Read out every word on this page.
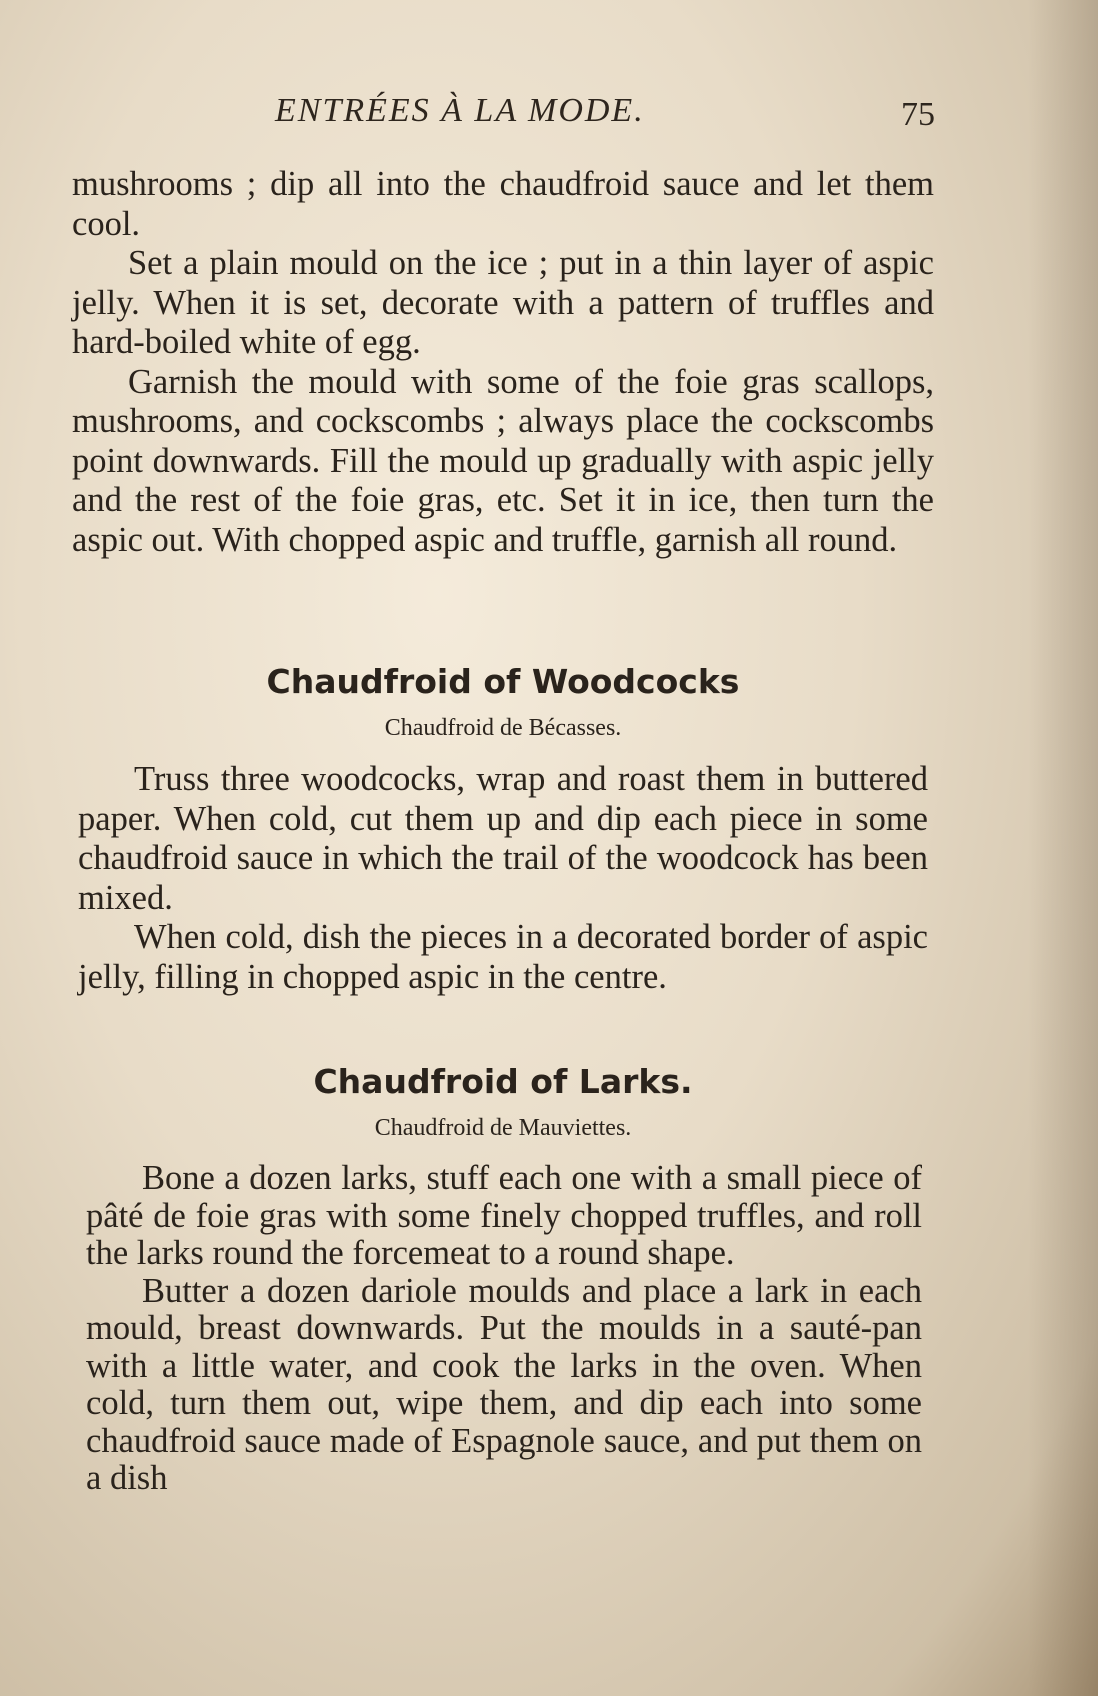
ENTRÉES À LA MODE.	75

mushrooms ; dip all into the chaudfroid sauce and let them cool.

Set a plain mould on the ice ; put in a thin layer of aspic jelly. When it is set, decorate with a pattern of truffles and hard-boiled white of egg.

Garnish the mould with some of the foie gras scallops, mushrooms, and cockscombs ; always place the cockscombs point downwards. Fill the mould up gradually with aspic jelly and the rest of the foie gras, etc. Set it in ice, then turn the aspic out. With chopped aspic and truffle, garnish all round.

Chaudfroid of Woodcocks
Chaudfroid de Bécasses.

Truss three woodcocks, wrap and roast them in buttered paper. When cold, cut them up and dip each piece in some chaudfroid sauce in which the trail of the woodcock has been mixed.

When cold, dish the pieces in a decorated border of aspic jelly, filling in chopped aspic in the centre.

Chaudfroid of Larks.
Chaudfroid de Mauviettes.

Bone a dozen larks, stuff each one with a small piece of pâté de foie gras with some finely chopped truffles, and roll the larks round the forcemeat to a round shape.

Butter a dozen dariole moulds and place a lark in each mould, breast downwards. Put the moulds in a sauté-pan with a little water, and cook the larks in the oven. When cold, turn them out, wipe them, and dip each into some chaudfroid sauce made of Espagnole sauce, and put them on a dish
